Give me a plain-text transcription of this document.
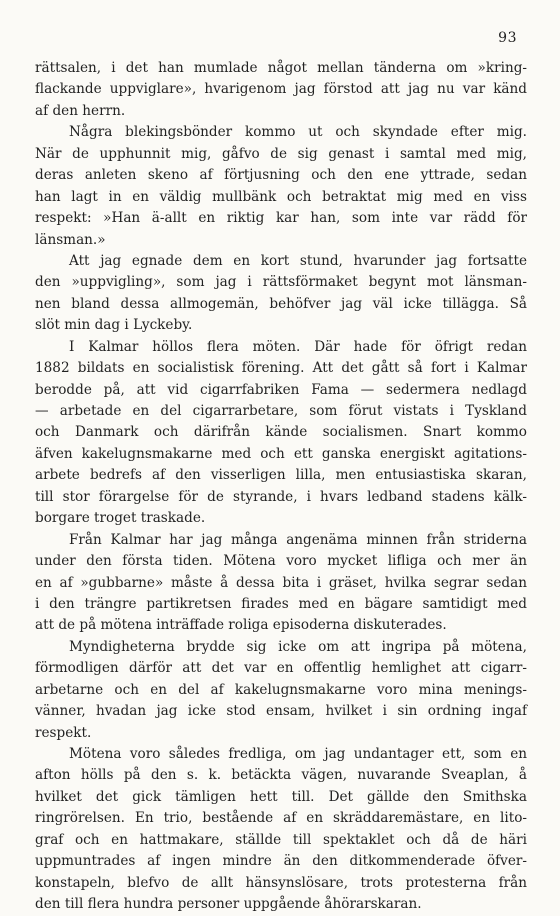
93
rättsalen, i det han mumlade något mellan tänderna om »kring-
flackande uppviglare», hvarigenom jag förstod att jag nu var känd
af den herrn.
Några blekingsbönder kommo ut och skyndade efter mig.
När de upphunnit mig, gåfvo de sig genast i samtal med mig,
deras anleten skeno af förtjusning och den ene yttrade, sedan
han lagt in en väldig mullbänk och betraktat mig med en viss
respekt: »Han ä-allt en riktig kar han, som inte var rädd för
länsman.»
Att jag egnade dem en kort stund, hvarunder jag fortsatte
den »uppvigling», som jag i rättsförmaket begynt mot länsman-
nen bland dessa allmogemän, behöfver jag väl icke tillägga. Så
slöt min dag i Lyckeby.
I Kalmar höllos flera möten. Där hade för öfrigt redan
1882 bildats en socialistisk förening. Att det gått så fort i Kalmar
berodde på, att vid cigarrfabriken Fama — sedermera nedlagd
— arbetade en del cigarrarbetare, som förut vistats i Tyskland
och Danmark och därifrån kände socialismen. Snart kommo
äfven kakelugnsmakarne med och ett ganska energiskt agitations-
arbete bedrefs af den visserligen lilla, men entusiastiska skaran,
till stor förargelse för de styrande, i hvars ledband stadens kälk-
borgare troget traskade.
Från Kalmar har jag många angenäma minnen från striderna
under den första tiden. Mötena voro mycket lifliga och mer än
en af »gubbarne» måste å dessa bita i gräset, hvilka segrar sedan
i den trängre partikretsen firades med en bägare samtidigt med
att de på mötena inträffade roliga episoderna diskuterades.
Myndigheterna brydde sig icke om att ingripa på mötena,
förmodligen därför att det var en offentlig hemlighet att cigarr-
arbetarne och en del af kakelugnsmakarne voro mina menings-
vänner, hvadan jag icke stod ensam, hvilket i sin ordning ingaf
respekt.
Mötena voro således fredliga, om jag undantager ett, som en
afton hölls på den s. k. betäckta vägen, nuvarande Sveaplan, å
hvilket det gick tämligen hett till. Det gällde den Smithska
ringrörelsen. En trio, bestående af en skräddaremästare, en lito-
graf och en hattmakare, ställde till spektaklet och då de häri
uppmuntrades af ingen mindre än den ditkommenderade öfver-
konstapeln, blefvo de allt hänsynslösare, trots protesterna från
den till flera hundra personer uppgående åhörarskaran.
